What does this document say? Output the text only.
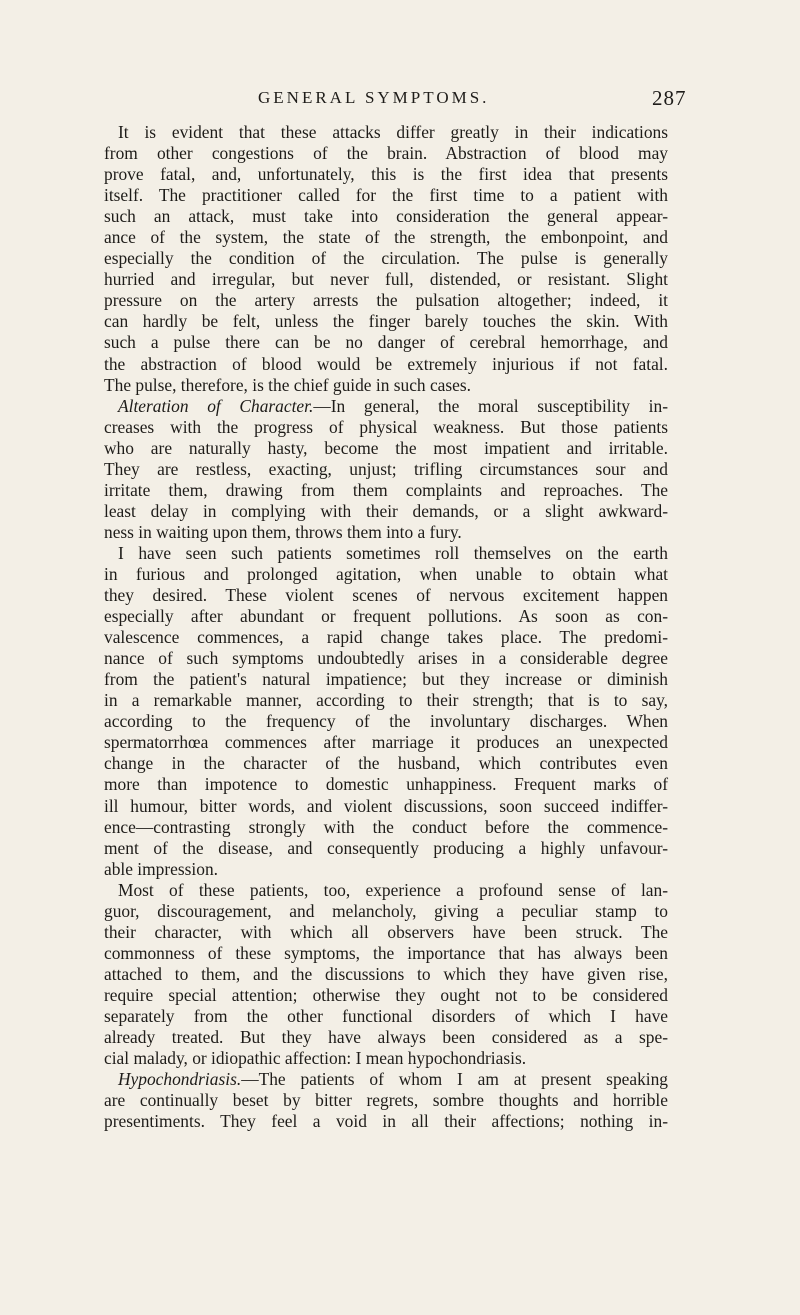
GENERAL SYMPTOMS.	287
It is evident that these attacks differ greatly in their indications
from other congestions of the brain. Abstraction of blood may
prove fatal, and, unfortunately, this is the first idea that presents
itself. The practitioner called for the first time to a patient with
such an attack, must take into consideration the general appear-
ance of the system, the state of the strength, the embonpoint, and
especially the condition of the circulation. The pulse is generally
hurried and irregular, but never full, distended, or resistant. Slight
pressure on the artery arrests the pulsation altogether; indeed, it
can hardly be felt, unless the finger barely touches the skin. With
such a pulse there can be no danger of cerebral hemorrhage, and
the abstraction of blood would be extremely injurious if not fatal.
The pulse, therefore, is the chief guide in such cases.
Alteration of Character.—In general, the moral susceptibility in-
creases with the progress of physical weakness. But those patients
who are naturally hasty, become the most impatient and irritable.
They are restless, exacting, unjust; trifling circumstances sour and
irritate them, drawing from them complaints and reproaches. The
least delay in complying with their demands, or a slight awkward-
ness in waiting upon them, throws them into a fury.
I have seen such patients sometimes roll themselves on the earth
in furious and prolonged agitation, when unable to obtain what
they desired. These violent scenes of nervous excitement happen
especially after abundant or frequent pollutions. As soon as con-
valescence commences, a rapid change takes place. The predomi-
nance of such symptoms undoubtedly arises in a considerable degree
from the patient's natural impatience; but they increase or diminish
in a remarkable manner, according to their strength; that is to say,
according to the frequency of the involuntary discharges. When
spermatorrhœa commences after marriage it produces an unexpected
change in the character of the husband, which contributes even
more than impotence to domestic unhappiness. Frequent marks of
ill humour, bitter words, and violent discussions, soon succeed indiffer-
ence—contrasting strongly with the conduct before the commence-
ment of the disease, and consequently producing a highly unfavour-
able impression.
Most of these patients, too, experience a profound sense of lan-
guor, discouragement, and melancholy, giving a peculiar stamp to
their character, with which all observers have been struck. The
commonness of these symptoms, the importance that has always been
attached to them, and the discussions to which they have given rise,
require special attention; otherwise they ought not to be considered
separately from the other functional disorders of which I have
already treated. But they have always been considered as a spe-
cial malady, or idiopathic affection: I mean hypochondriasis.
Hypochondriasis.—The patients of whom I am at present speaking
are continually beset by bitter regrets, sombre thoughts and horrible
presentiments. They feel a void in all their affections; nothing in-
